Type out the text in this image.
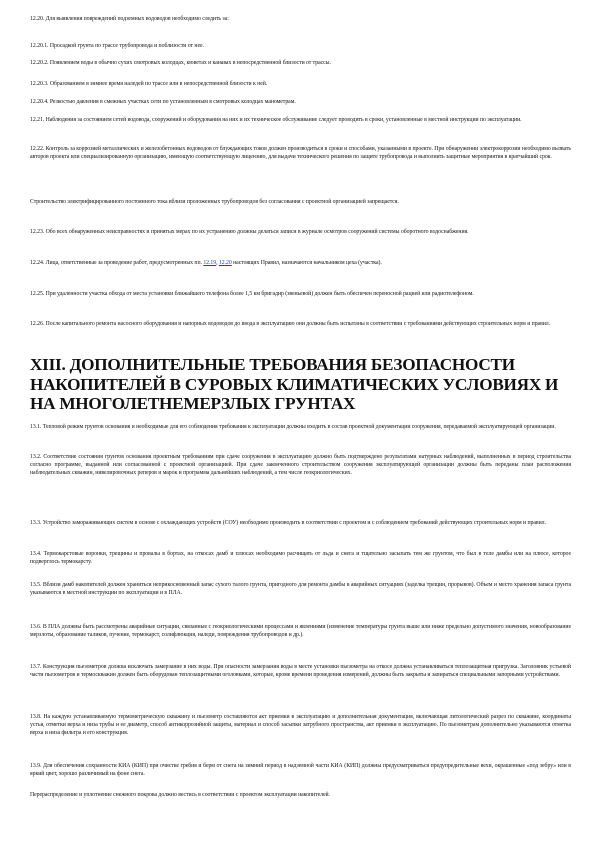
12.20. Для выявления повреждений подземных водоводов необходимо следить за:

12.20.1. Просадкой грунта по трассе трубопровода и поблизости от нее.

12.20.2. Появлением воды в обычно сухих смотровых колодцах, кюветах и канавах в непосредственной близости от трассы.

12.20.3. Образованием в зимнее время наледей по трассе или в непосредственной близости к ней.

12.20.4. Резкостью давления в смежных участках сети по установленным в смотровых колодцах манометрам.

12.21. Наблюдения за состоянием сетей водовода, сооружений и оборудования на них и их техническое обслуживание следует проводить в сроки, установленные в местной инструкции по эксплуатации.

12.22. Контроль за коррозией металлических и железобетонных водоводов от блуждающих токов должен производиться в сроки и способами, указанными в проекте. При обнаружении электрокоррозии необходимо вызвать авторов проекта или специализированную организацию, имеющую соответствующую лицензию, для выдачи технического решения по защите трубопровода и выполнить защитные мероприятия в кратчайший срок.

Строительство электрифицированного постоянного тока вблизи проложенных трубопроводов без согласования с проектной организацией запрещается.

12.23. Обо всех обнаруженных неисправностях и принятых мерах по их устранению должны делаться записи в журнале осмотров сооружений системы оборотного водоснабжения.

12.24. Лица, ответственные за проведение работ, предусмотренных пп. 12.19, 12.20 настоящих Правил, назначаются начальником цеха (участка).

12.25. При удаленности участка обхода от места установки ближайшего телефона более 1,5 км бригадир (звеньевой) должен быть обеспечен переносной рацией или радиотелефоном.

12.26. После капитального ремонта насосного оборудования и напорных водоводов до ввода в эксплуатацию они должны быть испытаны в соответствии с требованиями действующих строительных норм и правил.

XIII. ДОПОЛНИТЕЛЬНЫЕ ТРЕБОВАНИЯ БЕЗОПАСНОСТИ НАКОПИТЕЛЕЙ В СУРОВЫХ КЛИМАТИЧЕСКИХ УСЛОВИЯХ И НА МНОГОЛЕТНЕМЕРЗЛЫХ ГРУНТАХ

13.1. Тепловой режим грунтов основания и необходимые для его соблюдения требования к эксплуатации должны входить в состав проектной документации сооружения, передаваемой эксплуатирующей организации.

13.2. Соответствие состояния грунтов основания проектным требованиям при сдаче сооружения в эксплуатацию должно быть подтверждено результатами натурных наблюдений, выполненных в период строительства согласно программе, выданной или согласованной с проектной организацией. При сдаче законченного строительством сооружения эксплуатирующей организации должны быть переданы план расположения наблюдательных скважин, нивелировочных реперов и марок и программа дальнейших наблюдений, а тем числе геокриологических.

13.3. Устройство замораживающих систем в основе с охлаждающих устройств (СОУ) необходимо производить в соответствии с проектом и с соблюдением требований действующих строительных норм и правил.

13.4. Термокарстовые воронки, трещины и провалы в бортах, на откосах дамб и плюсах необходимо расчищать от льда и снега и тщательно засыпать тем же грунтом, что был в теле дамбы или на плюсе, которое подверглось термокарсту.

13.5. Вблизи дамб накопителей должен храниться неприкосновенный запас сухого талого грунта, пригодного для ремонта дамбы в аварийных ситуациях (заделка трещин, прорывов). Объем и место хранения запаса грунта указываются в местной инструкции по эксплуатации и в ПЛА.

13.6. В ПЛА должны быть рассмотрены аварийные ситуации, связанные с геокриологическими процессами и явлениями (изменение температуры грунта выше или ниже предельно допустимого значения, новообразование мерзлоты, образование таликов, пучение, термокарст, солифлюкция, наледи, повреждения трубопроводов и др.).

13.7. Конструкция пьезометров должна исключать замерзание в них воды. При опасности замерзания воды в месте установки пьезометра на откосе должна устанавливаться теплозащитная пригрузка. Заголовник устьевой части пьезометров и термоскважин должен быть оборудован теплозащитными оголовками, которые, кроме времени проведения измерений, должны быть закрыты и запираться специальными запорными устройствами.

13.8. На каждую устанавливаемую термометрическую скважину и пьезометр составляются акт приемки в эксплуатацию и дополнительная документация, включающая литологический разрез по скважине, координаты устья, отметки верха и низа трубы и ее диаметр, способ антикоррозийной защиты, материал и способ засыпки затрубного пространства, акт приемки в эксплуатацию. По пьезометрам дополнительно указываются отметка верха и низа фильтра и его конструкция.

13.9. Для обеспечения сохранности КИА (КИП) при очистке гребня и берм от снега на зимний период в надземной части КИА (КИП) должны предусматриваться предупредительные вехи, окрашенные «под зебру» или в яркий цвет, хорошо различимый на фоне снега.

Перераспределение и уплотнение снежного покрова должно вестись в соответствии с проектом эксплуатации накопителей.
